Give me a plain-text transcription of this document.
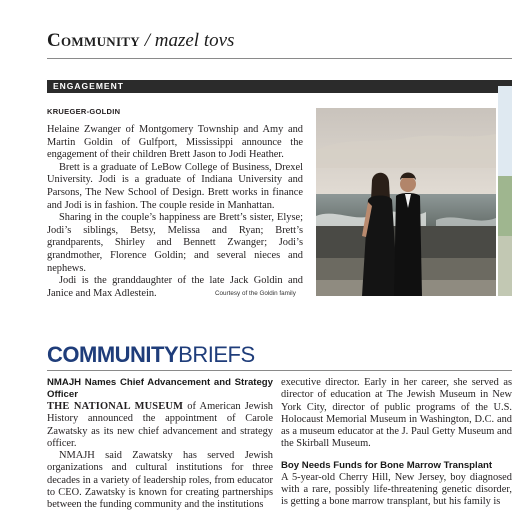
Community / mazel tovs
ENGAGEMENT
KRUEGER-GOLDIN

Helaine Zwanger of Montgomery Township and Amy and Martin Goldin of Gulfport, Mississippi announce the engagement of their children Brett Jason to Jodi Heather.

Brett is a graduate of LeBow College of Business, Drexel University. Jodi is a graduate of Indiana University and Parsons, The New School of Design. Brett works in finance and Jodi is in fashion. The couple reside in Manhattan.

Sharing in the couple’s happiness are Brett’s sister, Elyse; Jodi’s siblings, Betsy, Melissa and Ryan; Brett’s grandparents, Shirley and Bennett Zwanger; Jodi’s grandmother, Florence Goldin; and several nieces and nephews.

Jodi is the granddaughter of the late Jack Goldin and Janice and Max Adlestein.	Courtesy of the Goldin family
COMMUNITYBRIEFS

NMAJH Names Chief Advancement and Strategy Officer

THE NATIONAL MUSEUM of American Jewish History announced the appointment of Carole Zawatsky as its new chief advancement and strategy officer.

NMAJH said Zawatsky has served Jewish organizations and cultural institutions for three decades in a variety of leadership roles, from educator to CEO. Zawatsky is known for creating partnerships between the funding community and the institutions

executive director. Early in her career, she served as director of education at The Jewish Museum in New York City, director of public programs of the U.S. Holocaust Memorial Museum in Washington, D.C. and as a museum educator at the J. Paul Getty Museum and the Skirball Museum.

Boy Needs Funds for Bone Marrow Transplant

A 5-year-old Cherry Hill, New Jersey, boy diagnosed with a rare, possibly life-threatening genetic disorder, is getting a bone marrow transplant, but his family is
